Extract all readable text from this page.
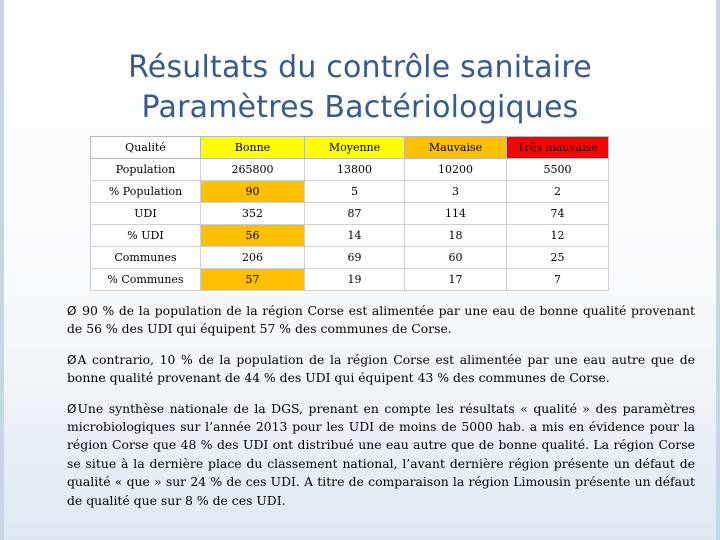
Résultats du contrôle sanitaire
Paramètres Bactériologiques
Qualité	Bonne	Moyenne	Mauvaise	Très mauvaise
Population	265800	13800	10200	5500
% Population	90	5	3	2
UDI	352	87	114	74
% UDI	56	14	18	12
Communes	206	69	60	25
% Communes	57	19	17	7

Ø 90 % de la population de la région Corse est alimentée par une eau de bonne qualité provenant de 56 % des UDI qui équipent 57 % des communes de Corse.

ØA contrario, 10 % de la population de la région Corse est alimentée par une eau autre que de bonne qualité provenant de 44 % des UDI qui équipent 43 % des communes de Corse.

ØUne synthèse nationale de la DGS, prenant en compte les résultats « qualité » des paramètres microbiologiques sur l’année 2013 pour les UDI de moins de 5000 hab. a mis en évidence pour la région Corse que 48 % des UDI ont distribué une eau autre que de bonne qualité. La région Corse se situe à la dernière place du classement national, l’avant dernière région présente un défaut de qualité « que » sur 24 % de ces UDI. A titre de comparaison la région Limousin présente un défaut de qualité que sur 8 % de ces UDI.
